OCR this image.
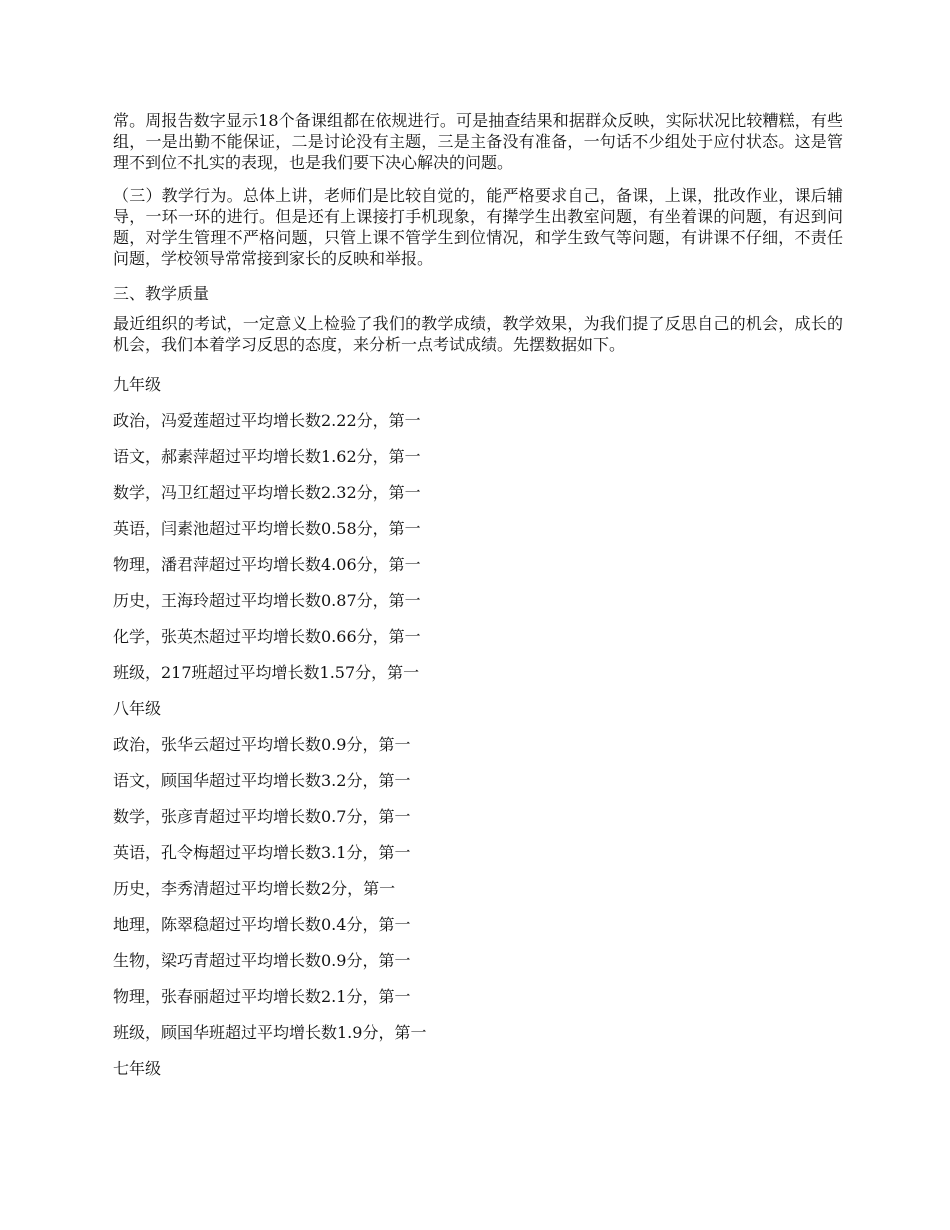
常。周报告数字显示18个备课组都在依规进行。可是抽查结果和据群众反映，实际状况比较糟糕，有些组，一是出勤不能保证，二是讨论没有主题，三是主备没有准备，一句话不少组处于应付状态。这是管理不到位不扎实的表现，也是我们要下决心解决的问题。

（三）教学行为。总体上讲，老师们是比较自觉的，能严格要求自己，备课，上课，批改作业，课后辅导，一环一环的进行。但是还有上课接打手机现象，有撵学生出教室问题，有坐着课的问题，有迟到问题，对学生管理不严格问题，只管上课不管学生到位情况，和学生致气等问题，有讲课不仔细，不责任问题，学校领导常常接到家长的反映和举报。

三、教学质量

最近组织的考试，一定意义上检验了我们的教学成绩，教学效果，为我们提了反思自己的机会，成长的机会，我们本着学习反思的态度，来分析一点考试成绩。先摆数据如下。

九年级

政治，冯爱莲超过平均增长数2.22分，第一

语文，郝素萍超过平均增长数1.62分，第一

数学，冯卫红超过平均增长数2.32分，第一

英语，闫素池超过平均增长数0.58分，第一

物理，潘君萍超过平均增长数4.06分，第一

历史，王海玲超过平均增长数0.87分，第一

化学，张英杰超过平均增长数0.66分，第一

班级，217班超过平均增长数1.57分，第一

八年级

政治，张华云超过平均增长数0.9分，第一

语文，顾国华超过平均增长数3.2分，第一

数学，张彦青超过平均增长数0.7分，第一

英语，孔令梅超过平均增长数3.1分，第一

历史，李秀清超过平均增长数2分，第一

地理，陈翠稳超过平均增长数0.4分，第一

生物，梁巧青超过平均增长数0.9分，第一

物理，张春丽超过平均增长数2.1分，第一

班级，顾国华班超过平均增长数1.9分，第一

七年级
